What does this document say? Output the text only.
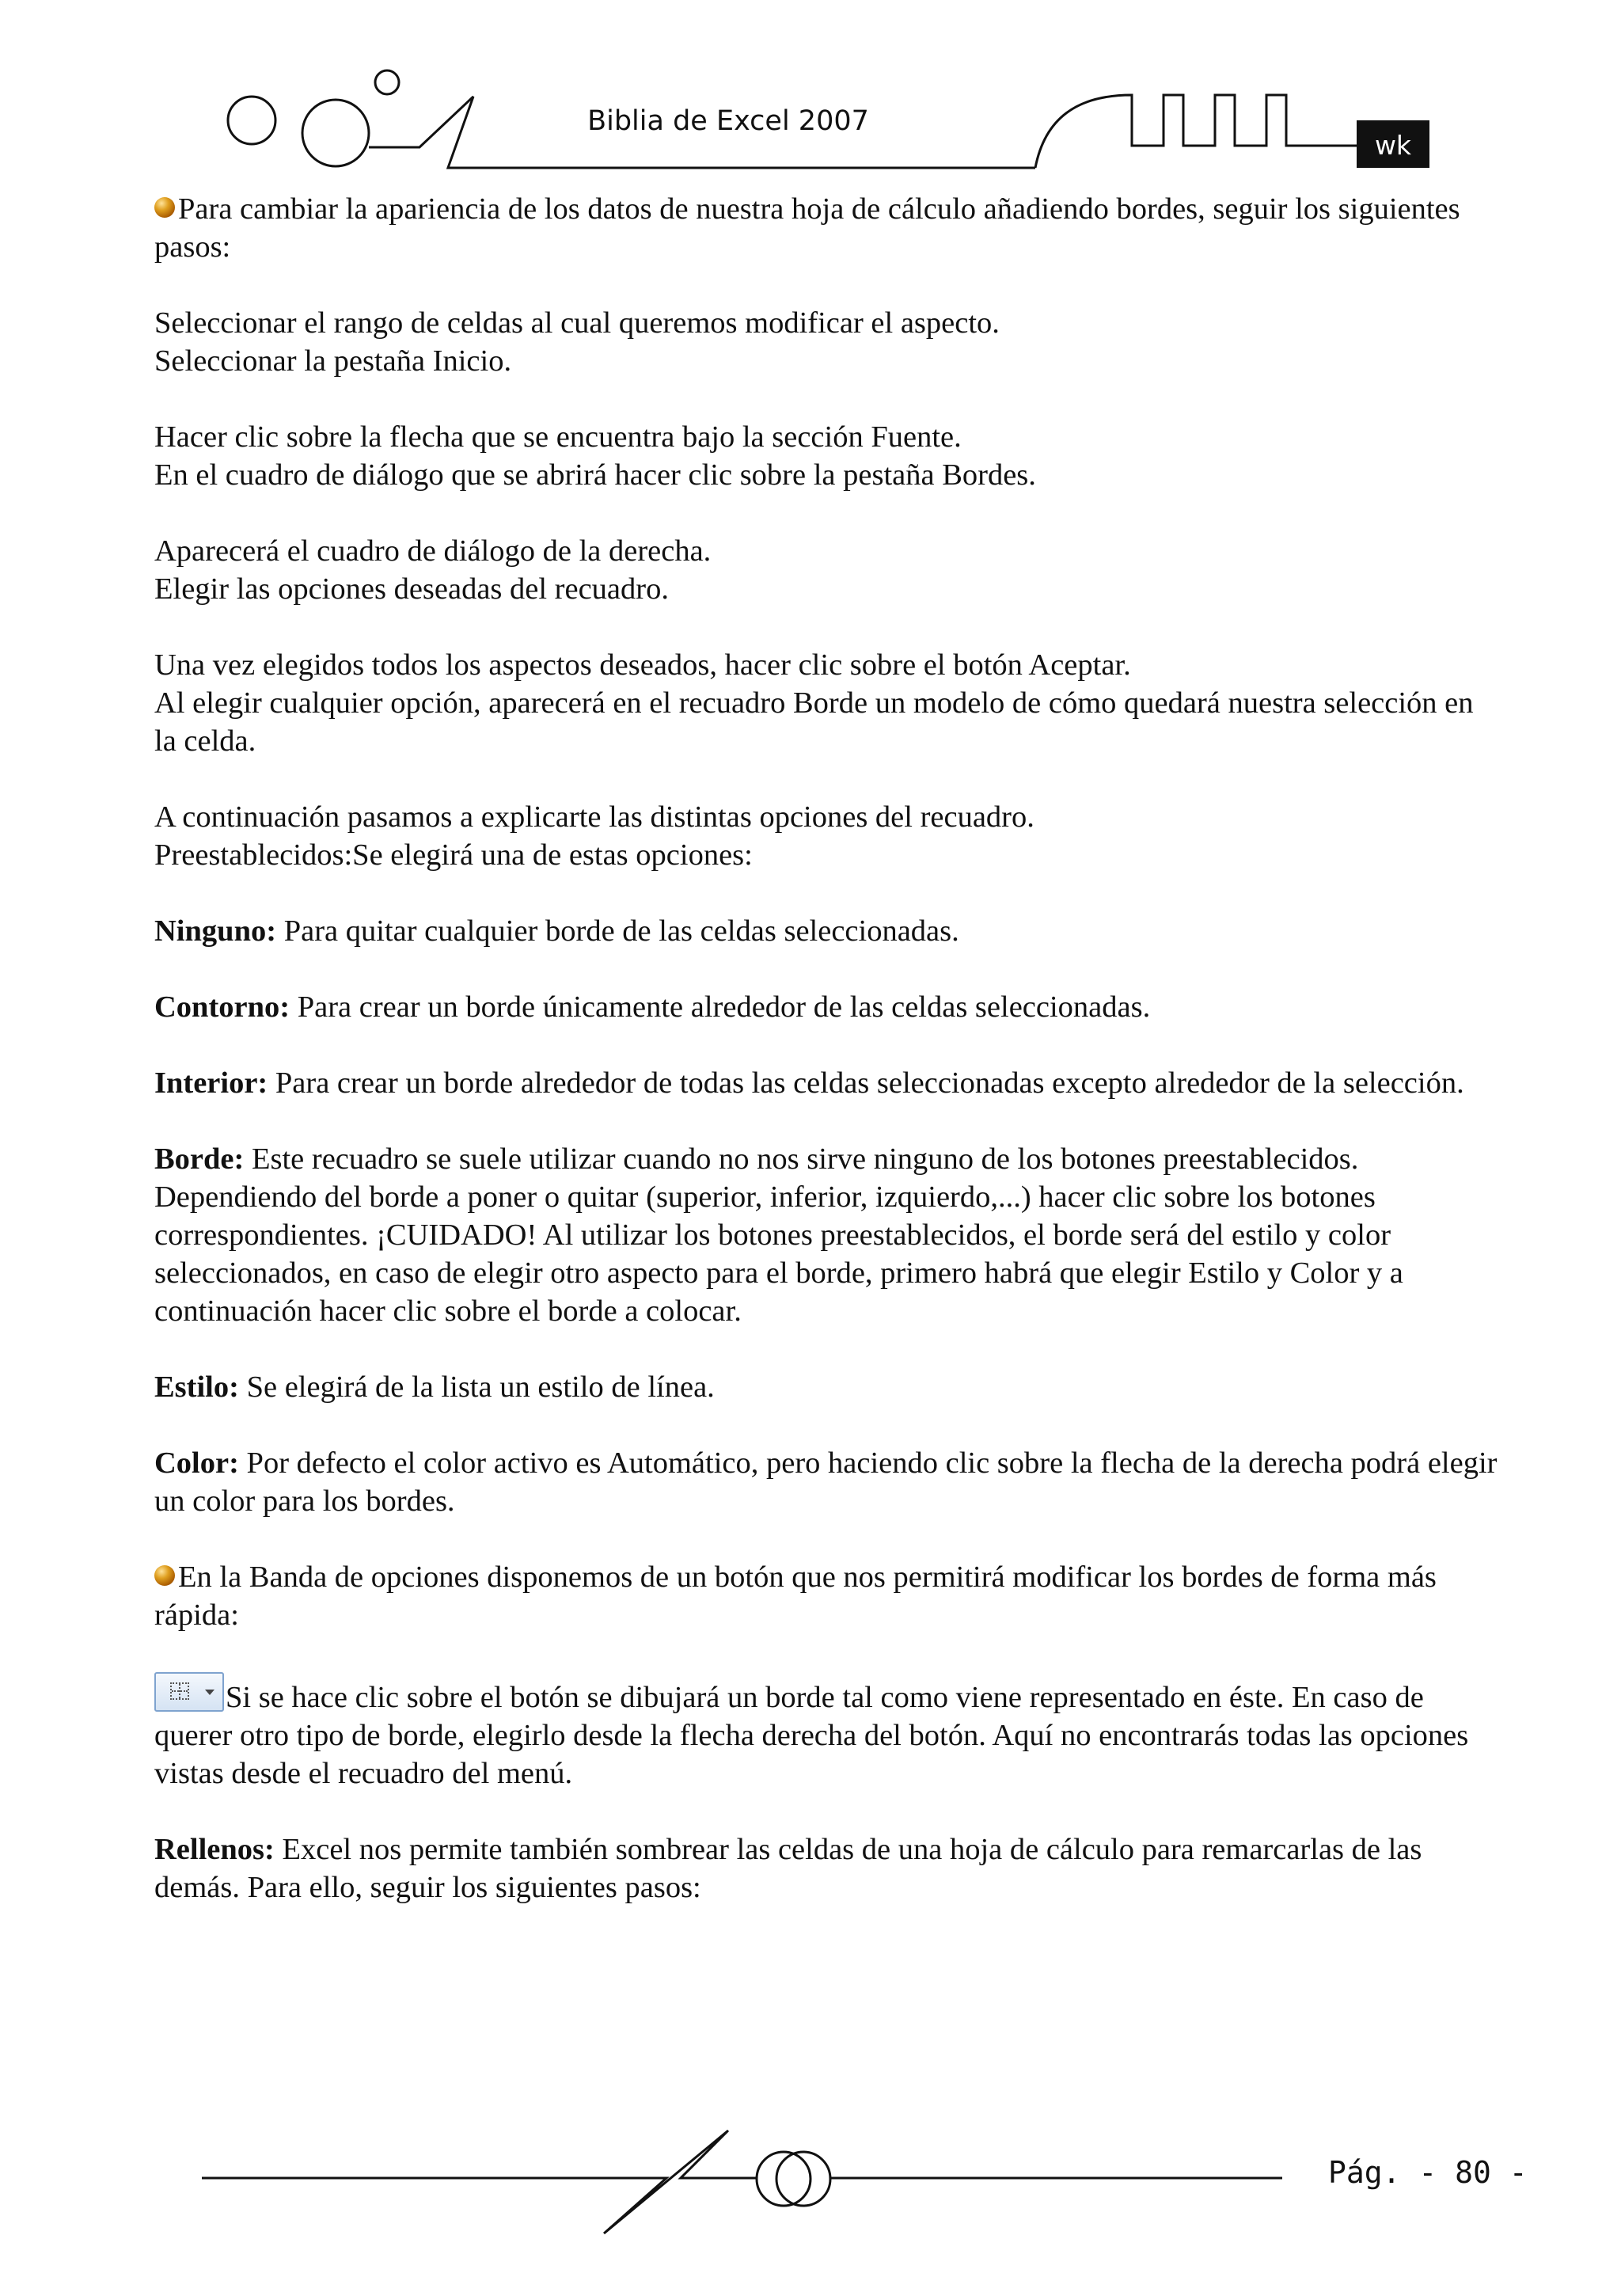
Biblia de Excel 2007
wk

Para cambiar la apariencia de los datos de nuestra hoja de cálculo añadiendo bordes, seguir los siguientes pasos:

Seleccionar el rango de celdas al cual queremos modificar el aspecto.
Seleccionar la pestaña Inicio.

Hacer clic sobre la flecha que se encuentra bajo la sección Fuente.
En el cuadro de diálogo que se abrirá hacer clic sobre la pestaña Bordes.

Aparecerá el cuadro de diálogo de la derecha.
Elegir las opciones deseadas del recuadro.

Una vez elegidos todos los aspectos deseados, hacer clic sobre el botón Aceptar.
Al elegir cualquier opción, aparecerá en el recuadro Borde un modelo de cómo quedará nuestra selección en la celda.

A continuación pasamos a explicarte las distintas opciones del recuadro.
Preestablecidos:Se elegirá una de estas opciones:

Ninguno: Para quitar cualquier borde de las celdas seleccionadas.

Contorno: Para crear un borde únicamente alrededor de las celdas seleccionadas.

Interior: Para crear un borde alrededor de todas las celdas seleccionadas excepto alrededor de la selección.

Borde: Este recuadro se suele utilizar cuando no nos sirve ninguno de los botones preestablecidos. Dependiendo del borde a poner o quitar (superior, inferior, izquierdo,...) hacer clic sobre los botones correspondientes. ¡CUIDADO! Al utilizar los botones preestablecidos, el borde será del estilo y color seleccionados, en caso de elegir otro aspecto para el borde, primero habrá que elegir Estilo y Color y a continuación hacer clic sobre el borde a colocar.

Estilo: Se elegirá de la lista un estilo de línea.

Color: Por defecto el color activo es Automático, pero haciendo clic sobre la flecha de la derecha podrá elegir un color para los bordes.

En la Banda de opciones disponemos de un botón que nos permitirá modificar los bordes de forma más rápida:

Si se hace clic sobre el botón se dibujará un borde tal como viene representado en éste. En caso de querer otro tipo de borde, elegirlo desde la flecha derecha del botón. Aquí no encontrarás todas las opciones vistas desde el recuadro del menú.

Rellenos: Excel nos permite también sombrear las celdas de una hoja de cálculo para remarcarlas de las demás. Para ello, seguir los siguientes pasos:

Pág. - 80 -
